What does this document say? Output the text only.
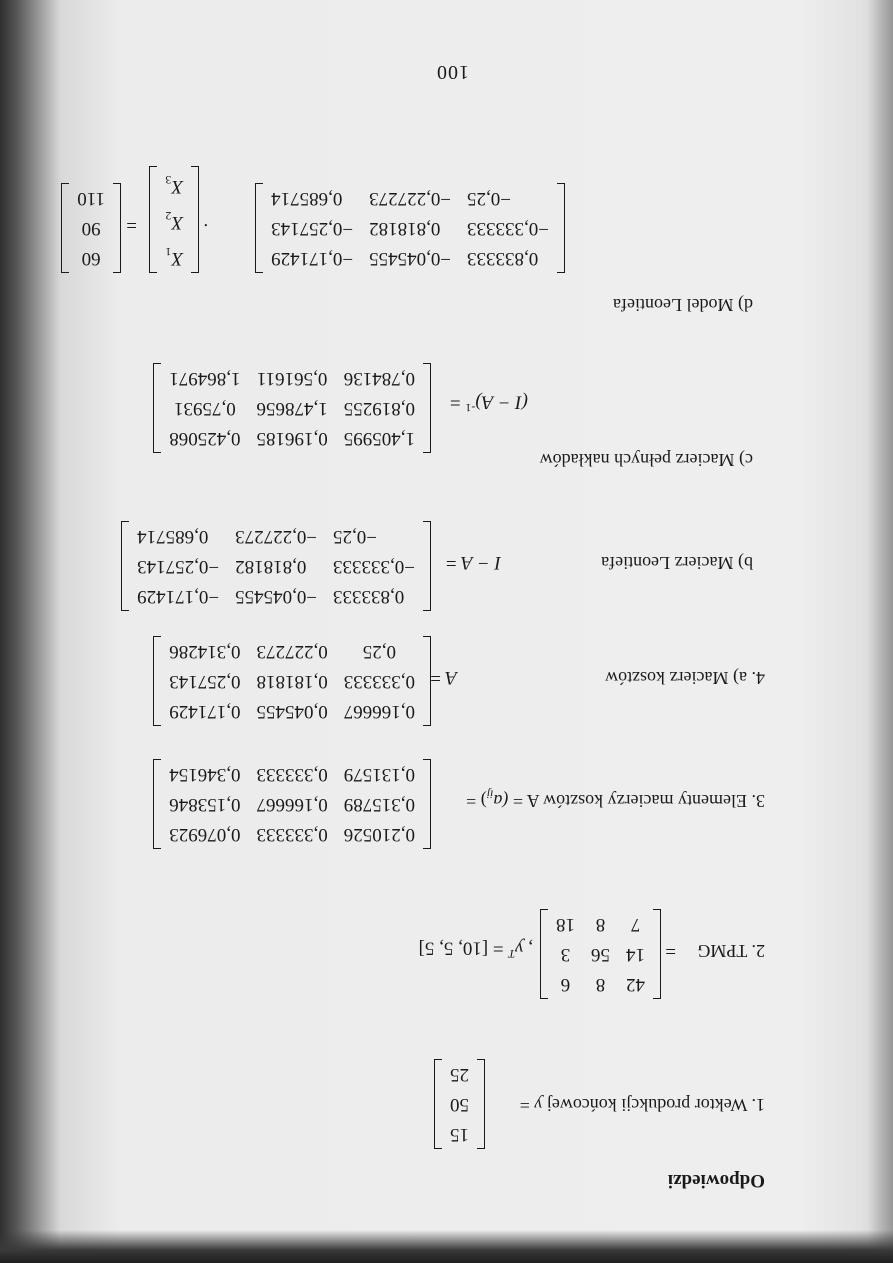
Odpowiedzi
1. Wektor produkcji końcowej y =
15
50
25
2. TPMG
=
42	8	6
14	56	3
7	8	18
, $y^T = [10$, 5, 5]
3. Elementy macierzy kosztów $A = (a_{ij})$ =
0,210526	0,333333	0,076923
0,315789	0,166667	0,153846
0,131579	0,333333	0,346154
4. a) Macierz kosztów
A =
0,166667	0,045455	0,171429
0,333333	0,181818	0,257143
0,25	0,227273	0,314286
b) Macierz Leontiefa
I − A =
0,833333	−0,045455	−0,171429
−0,333333	0,818182	−0,257143
−0,25	−0,227273	0,685714
c) Macierz pełnych nakładów
$(I - A)^{-1}$ =
1,405995	0,196185	0,425068
0,819255	1,478656	0,75931
0,784136	0,561611	1,864971
d) Model Leontiefa
0,833333	−0,045455	−0,171429
−0,333333	0,818182	−0,257143
−0,25	−0,227273	0,685714
·
$X_1$
$X_2$
$X_3$
=
60
90
110
100
